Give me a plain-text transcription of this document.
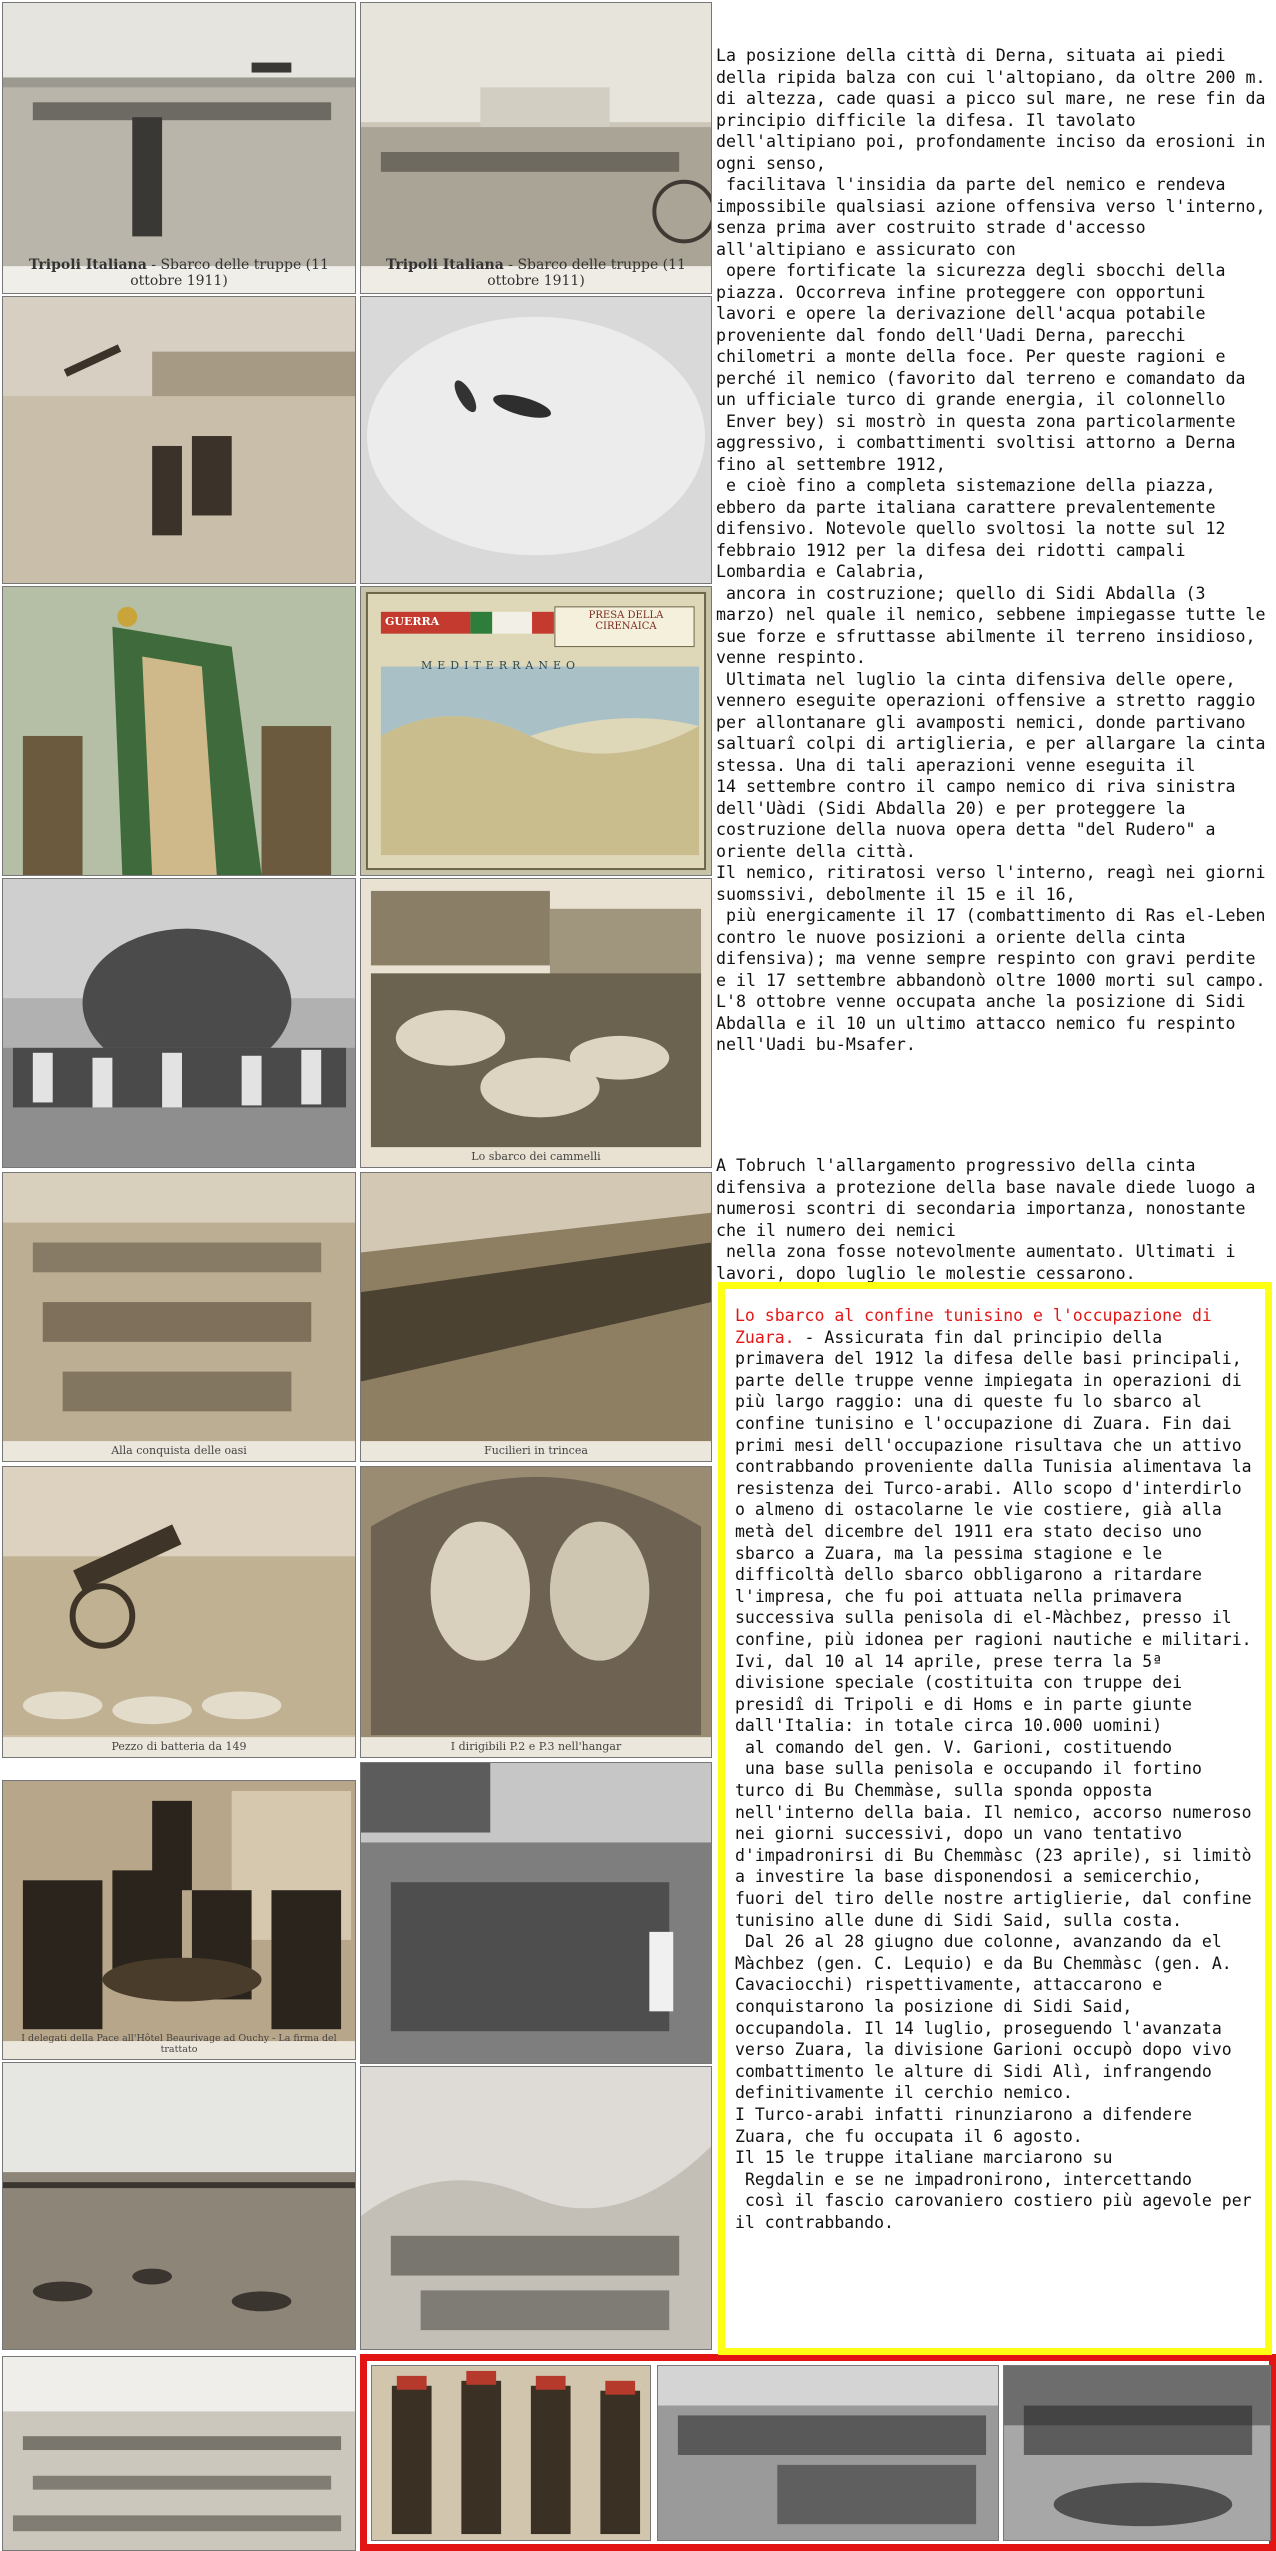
Tripoli Italiana - Sbarco delle truppe (11 ottobre 1911)
Tripoli Italiana - Sbarco delle truppe (11 ottobre 1911)
GUERRA	PRESA DELLA CIRENAICA
MEDITERRANEO
Lo sbarco dei cammelli
Alla conquista delle oasi	Fucilieri in trincea
Pezzo di batteria da 149	I dirigibili P.2 e P.3 nell'hangar
I delegati della Pace all'Hôtel Beaurivage ad Ouchy - La firma del trattato

La posizione della città di Derna, situata ai piedi della ripida balza con cui l'altopiano, da oltre 200 m. di altezza, cade quasi a picco sul mare, ne rese fin da principio difficile la difesa. Il tavolato dell'altipiano poi, profondamente inciso da erosioni in ogni senso,
facilitava l'insidia da parte del nemico e rendeva impossibile qualsiasi azione offensiva verso l'interno, senza prima aver costruito strade d'accesso all'altipiano e assicurato con
opere fortificate la sicurezza degli sbocchi della piazza. Occorreva infine proteggere con opportuni lavori e opere la derivazione dell'acqua potabile proveniente dal fondo dell'Uadi Derna, parecchi chilometri a monte della foce. Per queste ragioni e perché il nemico (favorito dal terreno e comandato da un ufficiale turco di grande energia, il colonnello
Enver bey) si mostrò in questa zona particolarmente aggressivo, i combattimenti svoltisi attorno a Derna fino al settembre 1912,
e cioè fino a completa sistemazione della piazza, ebbero da parte italiana carattere prevalentemente difensivo. Notevole quello svoltosi la notte sul 12 febbraio 1912 per la difesa dei ridotti campali Lombardia e Calabria,
ancora in costruzione; quello di Sidi Abdalla (3 marzo) nel quale il nemico, sebbene impiegasse tutte le sue forze e sfruttasse abilmente il terreno insidioso, venne respinto.
Ultimata nel luglio la cinta difensiva delle opere, vennero eseguite operazioni offensive a stretto raggio per allontanare gli avamposti nemici, donde partivano saltuarî colpi di artiglieria, e per allargare la cinta stessa. Una di tali aperazioni venne eseguita il
14 settembre contro il campo nemico di riva sinistra dell'Uàdi (Sidi Abdalla 20) e per proteggere la costruzione della nuova opera detta "del Rudero" a oriente della città.
Il nemico, ritiratosi verso l'interno, reagì nei giorni suomssivi, debolmente il 15 e il 16,
più energicamente il 17 (combattimento di Ras el-Leben contro le nuove posizioni a oriente della cinta difensiva); ma venne sempre respinto con gravi perdite e il 17 settembre abbandonò oltre 1000 morti sul campo.
L'8 ottobre venne occupata anche la posizione di Sidi Abdalla e il 10 un ultimo attacco nemico fu respinto nell'Uadi bu-Msafer.

A Tobruch l'allargamento progressivo della cinta difensiva a protezione della base navale diede luogo a numerosi scontri di secondaria importanza, nonostante che il numero dei nemici
nella zona fosse notevolmente aumentato. Ultimati i lavori, dopo luglio le molestie cessarono.

Lo sbarco al confine tunisino e l'occupazione di Zuara. - Assicurata fin dal principio della primavera del 1912 la difesa delle basi principali, parte delle truppe venne impiegata in operazioni di più largo raggio: una di queste fu lo sbarco al confine tunisino e l'occupazione di Zuara. Fin dai primi mesi dell'occupazione risultava che un attivo contrabbando proveniente dalla Tunisia alimentava la resistenza dei Turco-arabi. Allo scopo d'interdirlo o almeno di ostacolarne le vie costiere, già alla metà del dicembre del 1911 era stato deciso uno sbarco a Zuara, ma la pessima stagione e le difficoltà dello sbarco obbligarono a ritardare l'impresa, che fu poi attuata nella primavera successiva sulla penisola di el-Màchbez, presso il confine, più idonea per ragioni nautiche e militari. Ivi, dal 10 al 14 aprile, prese terra la 5ª divisione speciale (costituita con truppe dei presidî di Tripoli e di Homs e in parte giunte dall'Italia: in totale circa 10.000 uomini)
al comando del gen. V. Garioni, costituendo
una base sulla penisola e occupando il fortino turco di Bu Chemmàse, sulla sponda opposta nell'interno della baia. Il nemico, accorso numeroso nei giorni successivi, dopo un vano tentativo d'impadronirsi di Bu Chemmàsc (23 aprile), si limitò a investire la base disponendosi a semicerchio, fuori del tiro delle nostre artiglierie, dal confine tunisino alle dune di Sidi Said, sulla costa.
Dal 26 al 28 giugno due colonne, avanzando da el Màchbez (gen. C. Lequio) e da Bu Chemmàsc (gen. A. Cavaciocchi) rispettivamente, attaccarono e conquistarono la posizione di Sidi Said, occupandola. Il 14 luglio, proseguendo l'avanzata verso Zuara, la divisione Garioni occupò dopo vivo combattimento le alture di Sidi Alì, infrangendo definitivamente il cerchio nemico.
I Turco-arabi infatti rinunziarono a difendere Zuara, che fu occupata il 6 agosto.
Il 15 le truppe italiane marciarono su
Regdalin e se ne impadronirono, intercettando
così il fascio carovaniero costiero più agevole per il contrabbando.
